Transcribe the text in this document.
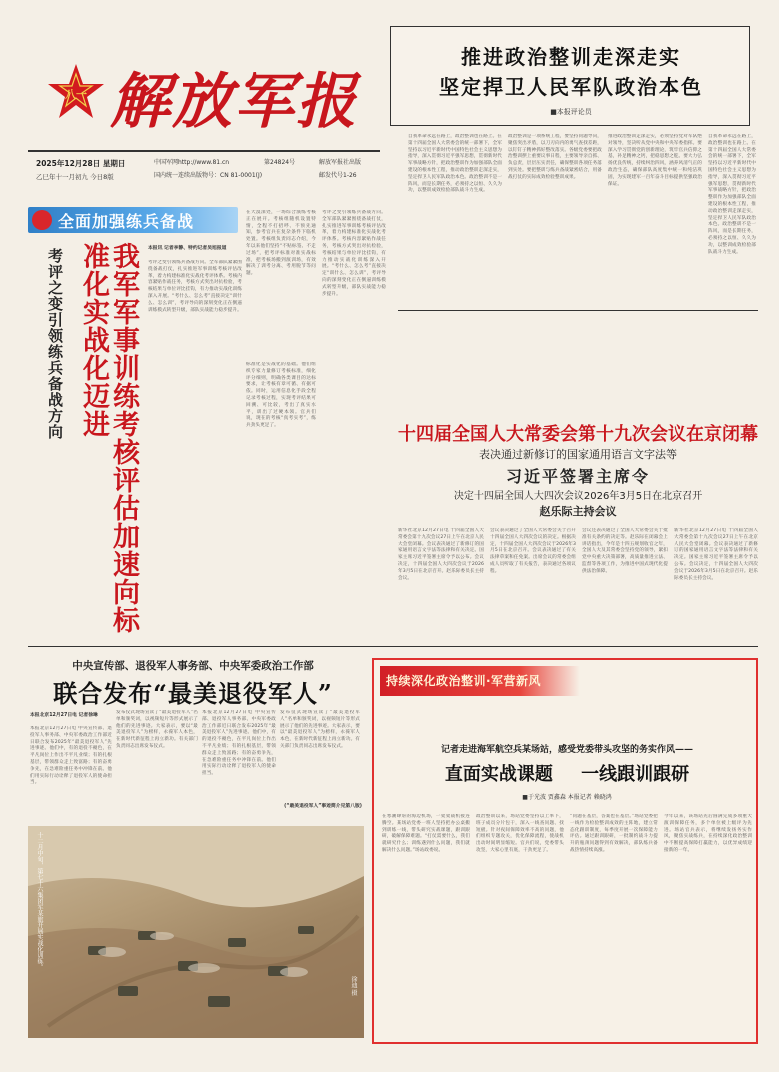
八一 解放军报
2025年12月28日 星期日
乙巳年十一月初九 今日8版
中国军网http://www.81.cn	第24824号	解放军报社出版
国内统一连续出版物号：CN 81-0001(J)	邮发代号1-26
推进政治整训走深走实
坚定捍卫人民军队政治本色
■本报评论员
自我革命永远在路上，政治整训也在路上。在第十四届全国人大常委会的统一部署下，全军坚持以习近平新时代中国特色社会主义思想为指导，深入贯彻习近平强军思想，贯彻新时代军事战略方针，把政治整训作为加强部队全面建设的根本性工程，推动政治整训走深走实，坚定捍卫人民军队政治本色。政治整训不是一阵风，而是长期任务，必须持之以恒、久久为功，以整训成效检验部队战斗力生成。
政治整训是一项系统工程，要坚持问题导向，聚焦突出矛盾，以刀刃向内的勇气查找差距，以钉钉子精神抓好整改落实。各级党委要把政治整训摆上重要议事日程，主要领导亲自抓、负总责，层层压实责任，确保整训各项任务落到实处。要把整训与练兵备战紧密结合，用备战打仗的实际成效检验整训成果。
推进政治整训走深走实，必须坚持党对军队绝对领导，坚决听从党中央和中央军委指挥。要深入学习贯彻党的创新理论，筑牢官兵信仰之基，补足精神之钙，把稳思想之舵。要大力弘扬优良传统，持续纠治四风，涵养风清气正的政治生态，确保部队高度集中统一和纯洁巩固，为实现建军一百年奋斗目标提供坚强政治保证。
自我革命永远在路上，政治整训也在路上。在第十四届全国人大常委会的统一部署下，全军坚持以习近平新时代中国特色社会主义思想为指导，深入贯彻习近平强军思想，贯彻新时代军事战略方针，把政治整训作为加强部队全面建设的根本性工程，推动政治整训走深走实，坚定捍卫人民军队政治本色。政治整训不是一阵风，而是长期任务，必须持之以恒、久久为功，以整训成效检验部队战斗力生成。
全面加强练兵备战
考评之变引领练兵备战方向	我军军事训练考核评估加速向标准化实战化迈进	本报讯 记者李静、特约记者吴旭报道
考评之变引领练兵备战方向。全军部队紧紧围绕备战打仗，扎实推进军事训练考核评估改革，着力构建标准化实战化考评体系。考核内容紧贴作战任务，考核方式突出对抗检验，考核结果与单位评比挂钩，有力推动实战化训练深入开展。“考什么、怎么考”直接决定“训什么、怎么训”，考评导向的深刻变化正在倒逼训练模式转型升级，部队实战能力稳步提升。
在大漠深处，一场综合演练考核正在展开。考核组随机设置特情，全程不打招呼、不预先通知，参考官兵在复杂条件下临机处置。考核组负责同志介绍，今年以来他们坚持“不贴标签、不走过场”，把考评标准对准实战标准，把考核场搬到演训场，有效解决了训考分离、考用脱节等问题。
标准化是实战化的基础。他们组织专家力量修订考核标准，细化评分细则，明确各类课目的达标要求，让考核有章可循、有据可依。同时，运用信息化手段全程记录考核过程，实现考评结果可回溯、可比较，考出了真实水平，训出了过硬本领。官兵们说，现在的考核“真考实考”，练兵劲头更足了。
考评之变引领练兵备战方向。全军部队紧紧围绕备战打仗，扎实推进军事训练考核评估改革，着力构建标准化实战化考评体系。考核内容紧贴作战任务，考核方式突出对抗检验，考核结果与单位评比挂钩，有力推动实战化训练深入开展。“考什么、怎么考”直接决定“训什么、怎么训”，考评导向的深刻变化正在倒逼训练模式转型升级，部队实战能力稳步提升。
十四届全国人大常委会第十九次会议在京闭幕
表决通过新修订的国家通用语言文字法等
习近平签署主席令
决定十四届全国人大四次会议2026年3月5日在北京召开
赵乐际主持会议
新华社北京12月27日电 十四届全国人大常委会第十九次会议27日上午在北京人民大会堂闭幕。会议表决通过了新修订的国家通用语言文字法等法律和有关决定。国家主席习近平签署主席令予以公布。会议决定，十四届全国人大四次会议于2026年3月5日在北京召开。赵乐际委员长主持会议。
会议表决通过了全国人大常委会关于召开十四届全国人大四次会议的决定。根据决定，十四届全国人大四次会议于2026年3月5日在北京召开。会议表决通过了有关法律草案和任免案。出席会议的常委会组成人员听取了有关报告，表决通过各项议程。
会议还表决通过了全国人大常委会关于批准有关条约的决定等。赵乐际在闭幕会上讲话指出，今年是十四五规划收官之年，全国人大及其常委会坚持党的领导，紧扣党中央重大决策部署，高质量推进立法、监督等各项工作，为推进中国式现代化提供法治保障。
新华社北京12月27日电 十四届全国人大常委会第十九次会议27日上午在北京人民大会堂闭幕。会议表决通过了新修订的国家通用语言文字法等法律和有关决定。国家主席习近平签署主席令予以公布。会议决定，十四届全国人大四次会议于2026年3月5日在北京召开。赵乐际委员长主持会议。
中央宣传部、退役军人事务部、中央军委政治工作部
联合发布“最美退役军人”
本报北京12月27日电 记者徐琳
本报北京12月27日电 中央宣传部、退役军人事务部、中央军委政治工作部近日联合发布2025年“最美退役军人”先进事迹。他们中，有的退役不褪色，在平凡岗位上作出不平凡业绩；有的扎根基层，带领群众走上致富路；有的奋勇争先，在急难险重任务中冲锋在前。他们用实际行动诠释了退役军人的使命担当。
发布仪式现场宣读了“最美退役军人”名单和颁奖词，以视频短片等形式展示了他们的先进事迹。大家表示，要以“最美退役军人”为榜样，永葆军人本色，在新时代新征程上再立新功。有关部门负责同志出席发布仪式。
本报北京12月27日电 中央宣传部、退役军人事务部、中央军委政治工作部近日联合发布2025年“最美退役军人”先进事迹。他们中，有的退役不褪色，在平凡岗位上作出不平凡业绩；有的扎根基层，带领群众走上致富路；有的奋勇争先，在急难险重任务中冲锋在前。他们用实际行动诠释了退役军人的使命担当。
发布仪式现场宣读了“最美退役军人”名单和颁奖词，以视频短片等形式展示了他们的先进事迹。大家表示，要以“最美退役军人”为榜样，永葆军人本色，在新时代新征程上再立新功。有关部门负责同志出席发布仪式。
(“最美退役军人”事迹简介见第八版)
十二月中旬，第七十六集团军某旅开展实战化训练。
徐迪 摄
持续深化政治整训·军营新风
记者走进海军航空兵某场站，感受党委带头攻坚的务实作风——
直面实战课题 一线跟训跟研
■于光波 贾鑫森 本报记者 赖晓鸿
在寒潮肆虐的海边机场，一架架战机接连腾空。某场站党委一班人坚持把办公桌搬到训练一线，带头研究实战课题，跟训跟研，破解保障难题。“打仗需要什么，我们就研究什么；训练遇到什么问题，我们就解决什么问题。”场站政委说。
政治整训以来，场站党委坚持以上率下，班子成员分片包干，深入一线查问题、找短板。针对夜间保障效率不高的问题，他们组织专题攻关，优化保障流程，使战机出动时间明显缩短。官兵们说，党委带头攻坚，大家心里有底，干劲更足了。
“问题在基层，答案也在基层。”场站党委把一线作为检验整训成效的主阵地，建立常态化跟训制度，每季度开展一次保障能力评估。通过跟训跟研，一批制约战斗力提升的瓶颈问题得到有效解决，部队练兵备战热情持续高涨。
今年以来，该场站先后圆满完成多项重大演训保障任务，多个单位被上级评为先进。场站官兵表示，将继续发扬务实作风，聚焦实战练兵，在持续深化政治整训中不断提高保障打赢能力，以优异成绩迎接新的一年。
